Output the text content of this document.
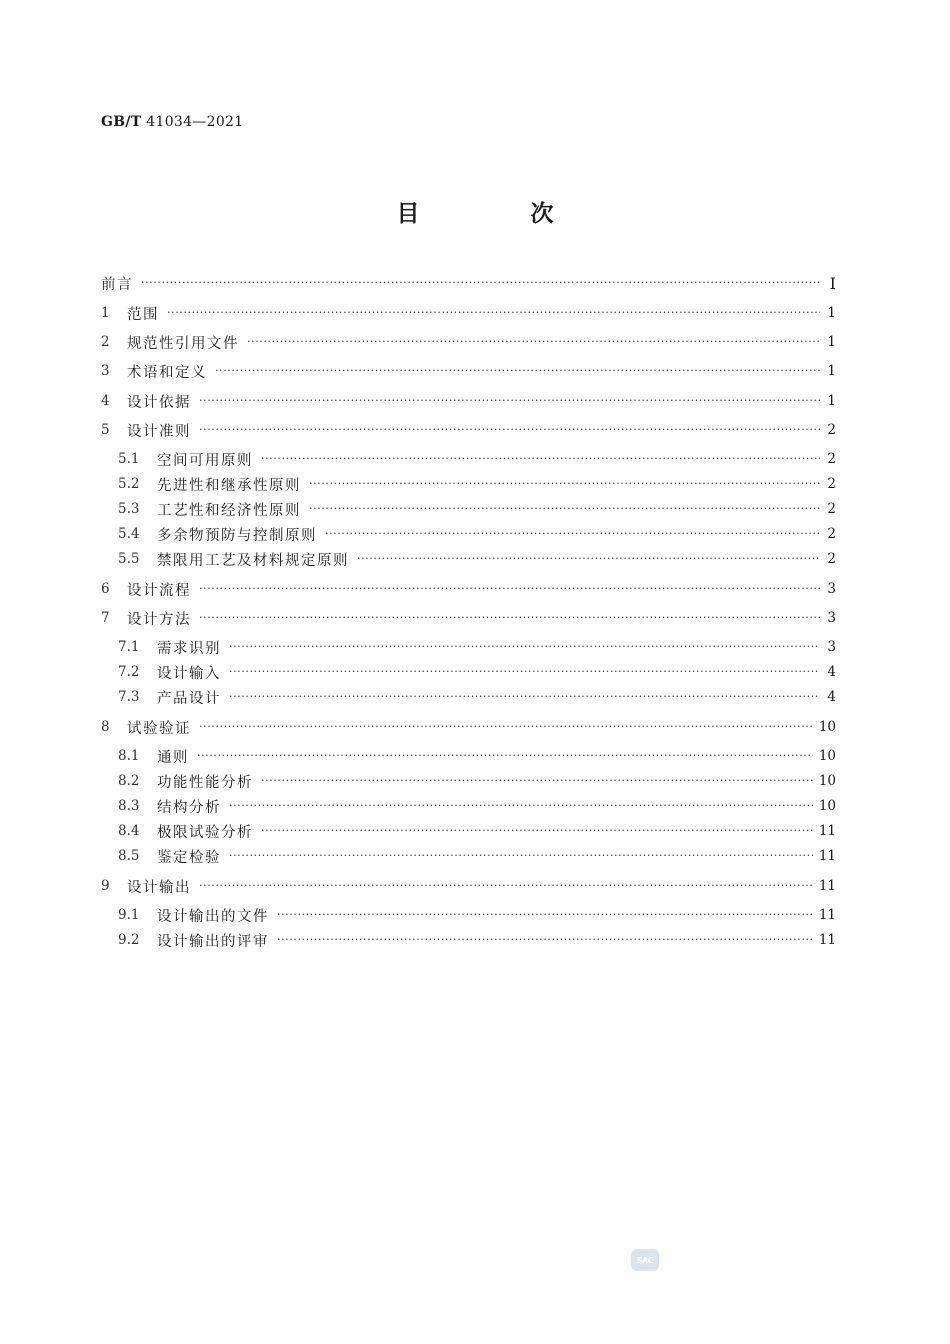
GB/T 41034—2021
目　次
前言 ·····	Ⅰ
1	范围 ·····	1
2	规范性引用文件 ·····	1
3	术语和定义 ·····	1
4	设计依据 ·····	1
5	设计准则 ·····	2
5.1	空间可用原则 ·····	2
5.2	先进性和继承性原则 ·····	2
5.3	工艺性和经济性原则 ·····	2
5.4	多余物预防与控制原则 ·····	2
5.5	禁限用工艺及材料规定原则 ·····	2
6	设计流程 ·····	3
7	设计方法 ·····	3
7.1	需求识别 ·····	3
7.2	设计输入 ·····	4
7.3	产品设计 ·····	4
8	试验验证 ·····	10
8.1	通则 ·····	10
8.2	功能性能分析 ·····	10
8.3	结构分析 ·····	10
8.4	极限试验分析 ·····	11
8.5	鉴定检验 ·····	11
9	设计输出 ·····	11
9.1	设计输出的文件 ·····	11
9.2	设计输出的评审 ·····	11
SAC
